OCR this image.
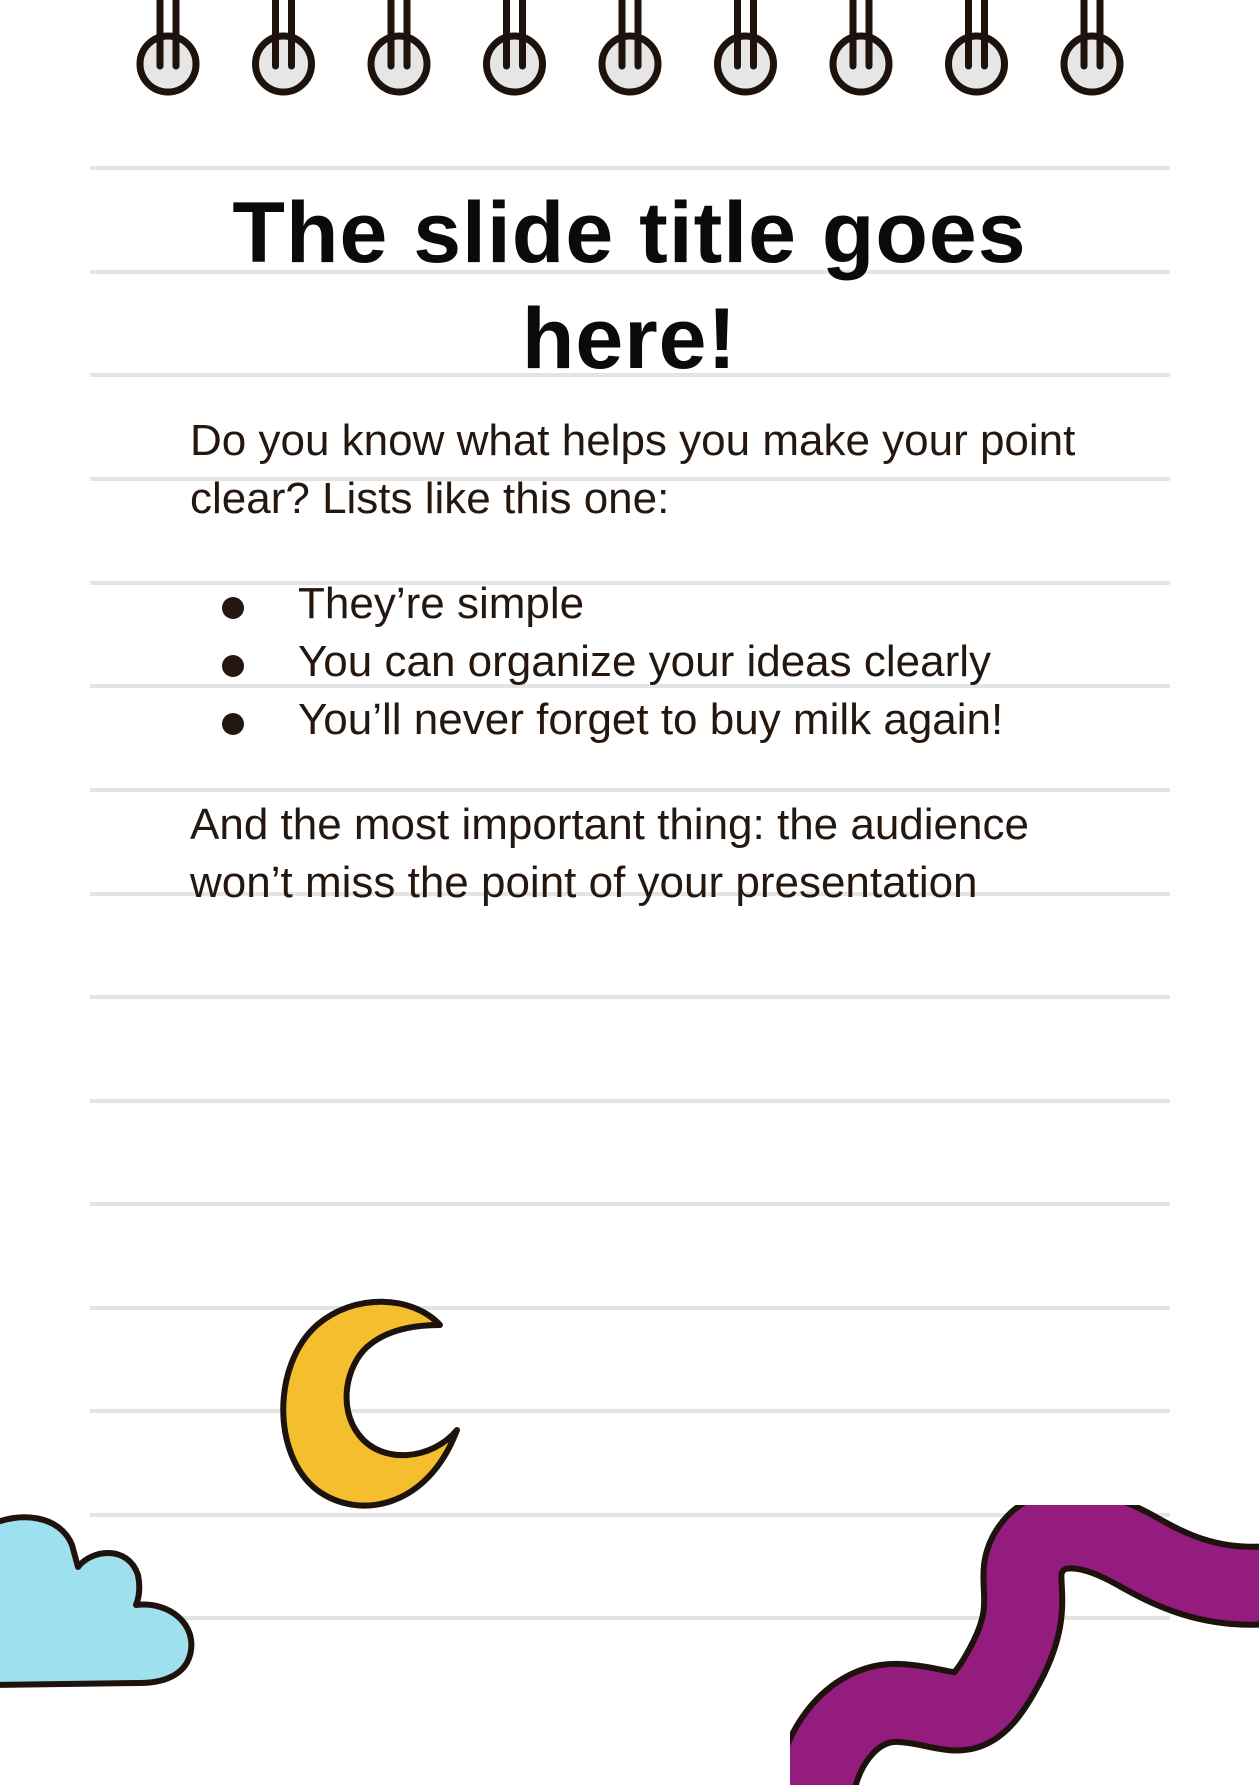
The slide title goes here!

Do you know what helps you make your point clear? Lists like this one:

They’re simple
You can organize your ideas clearly
You’ll never forget to buy milk again!

And the most important thing: the audience won’t miss the point of your presentation
